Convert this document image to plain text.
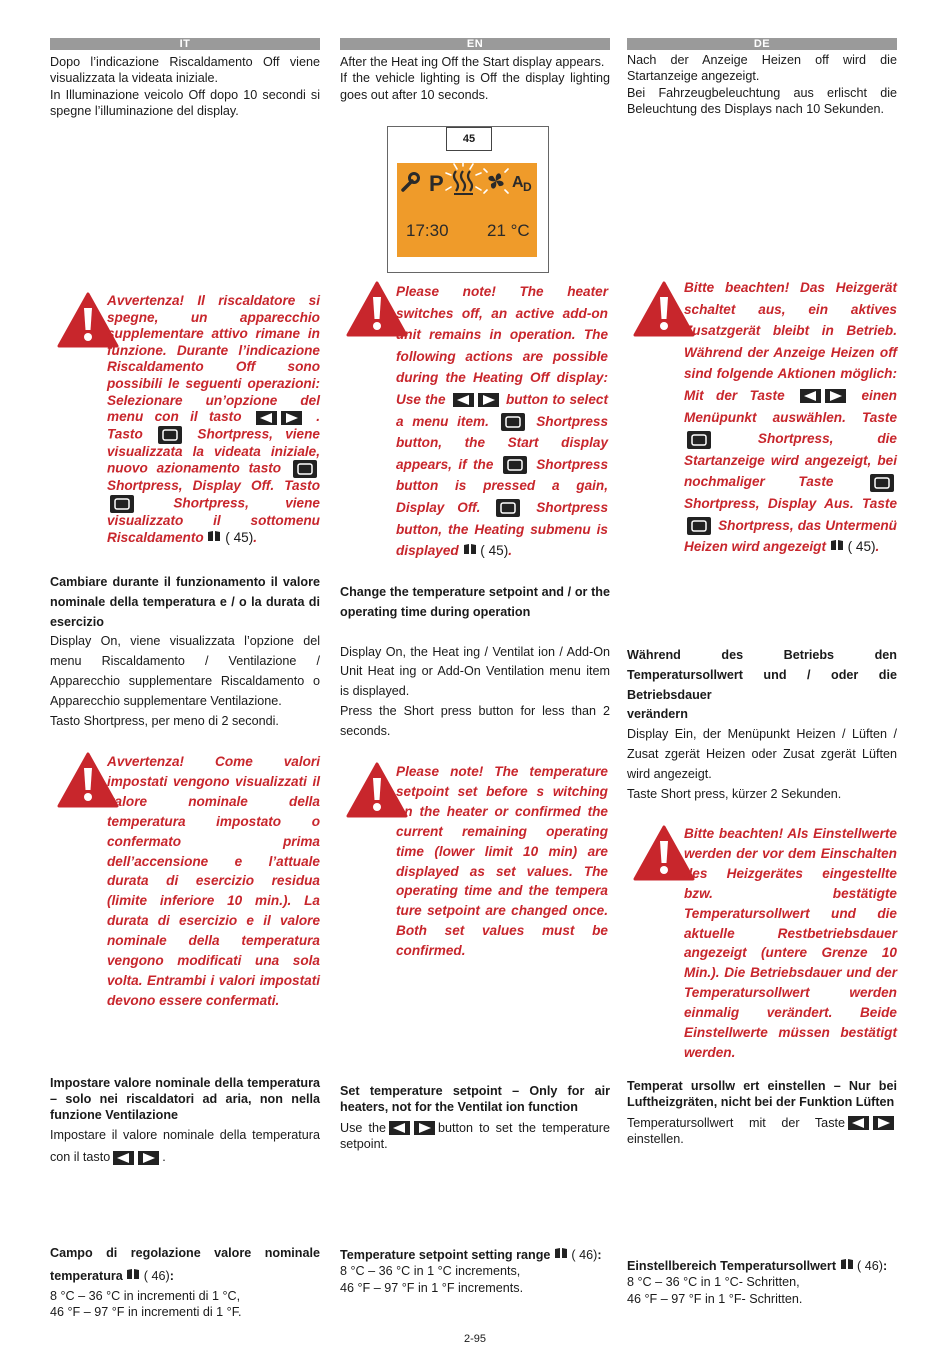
IT	EN	DE

Dopo l’indicazione Riscaldamento Off viene visualizzata la videata iniziale.

In Illuminazione veicolo Off dopo 10 secondi si spegne l’illuminazione del display.

Avvertenza! Il riscaldatore si spegne, un apparecchio supplementare attivo rimane in funzione. Durante l’indicazione Riscaldamento Off sono possibili le seguenti operazioni: Selezionare un’opzione del menu con il tasto	. Tasto	Shortpress, viene visualizzata la videata iniziale, nuovo azionamento tasto  Shortpress, Display Off. Tasto  Shortpress, viene visualizzato il sottomenu Riscaldamento ( 45).

Cambiare durante il funzionamento il valore nominale della temperatura e / o la durata di esercizio

Display On, viene visualizzata l’opzione del menu Riscaldamento / Ventilazione / Apparecchio supplementare Riscaldamento o Apparecchio supplementare Ventilazione.

Tasto Shortpress, per meno di 2 secondi.

Avvertenza! Come valori impostati vengono visualizzati il valore nominale della temperatura impostato o confermato prima dell’accensione e l’attuale durata di esercizio residua (limite inferiore 10 min.). La durata di esercizio e il valore nominale della temperatura vengono modificati una sola volta. Entrambi i valori impostati devono essere confermati.

Impostare valore nominale della temperatura – solo nei riscaldatori ad aria, non nella funzione Ventilazione

Impostare il valore nominale della temperatura con il tasto	.

Campo di regolazione valore nominale temperatura ( 46):

8 °C – 36 °C in incrementi di 1 °C,

46 °F – 97 °F in incrementi di 1 °F.

After the Heat ing Off the Start display appears.

If the vehicle lighting is Off the display lighting goes out after 10 seconds.

45
P	A D
17:30 21 °C
Please note! The heater switches off, an active add-on unit remains in operation. The following actions are possible during the Heating Off display: Use the	button to select a menu item.	Shortpress button, the Start display appears, if the	Shortpress button is pressed a gain, Display Off.	Shortpress button, the Heating submenu is displayed ( 45).

Change the temperature setpoint and / or the operating time during operation

Display On, the Heat ing / Ventilat ion / Add-On Unit Heat ing or Add-On Ventilation menu item is displayed.

Press the Short press button for less than 2 seconds.

Please note! The temperature setpoint set before s witching on the heater or confirmed the current remaining operating time (lower limit 10 min) are displayed as set values. The operating time and the tempera ture setpoint are changed once. Both set values must be confirmed.

Set temperature setpoint – Only for air heaters, not for the Ventilat ion function

Use the	button to set the temperature setpoint.

Temperature setpoint setting range ( 46):

8 °C – 36 °C in 1 °C increments,

46 °F – 97 °F in 1 °F increments.

Nach der Anzeige Heizen off wird die Startanzeige angezeigt.

Bei Fahrzeugbeleuchtung aus erlischt die Beleuchtung des Displays nach 10 Sekunden.

Bitte beachten! Das Heizgerät schaltet aus, ein aktives Zusatzgerät bleibt in Betrieb. Während der Anzeige Heizen off sind folgende Aktionen möglich: Mit der Taste	einen Menüpunkt auswählen. Taste  Shortpress, die Startanzeige wird angezeigt, bei nochmaliger Taste  Shortpress, Display Aus. Taste  Shortpress, das Untermenü Heizen wird angezeigt ( 45).

Während des Betriebs den Temperatursollwert und / oder die Betriebsdauer

verändern

Display Ein, der Menüpunkt Heizen / Lüften / Zusat zgerät Heizen oder Zusat zgerät Lüften wird angezeigt.

Taste Short press, kürzer 2 Sekunden.

Bitte beachten! Als Einstellwerte werden der vor dem Einschalten des Heizgerätes eingestellte bzw. bestätigte Temperatursollwert und die aktuelle Restbetriebsdauer angezeigt (untere Grenze 10 Min.). Die Betriebsdauer und der Temperatursollwert werden einmalig verändert. Beide Einstellwerte müssen bestätigt werden.

Temperat ursollw ert einstellen – Nur bei Luftheizgräten, nicht bei der Funktion Lüften

Temperatursollwert mit der Tasteeinstellen.

Einstellbereich Temperatursollwert ( 46):

8 °C – 36 °C in 1 °C- Schritten,

46 °F – 97 °F in 1 °F- Schritten.

2-95
